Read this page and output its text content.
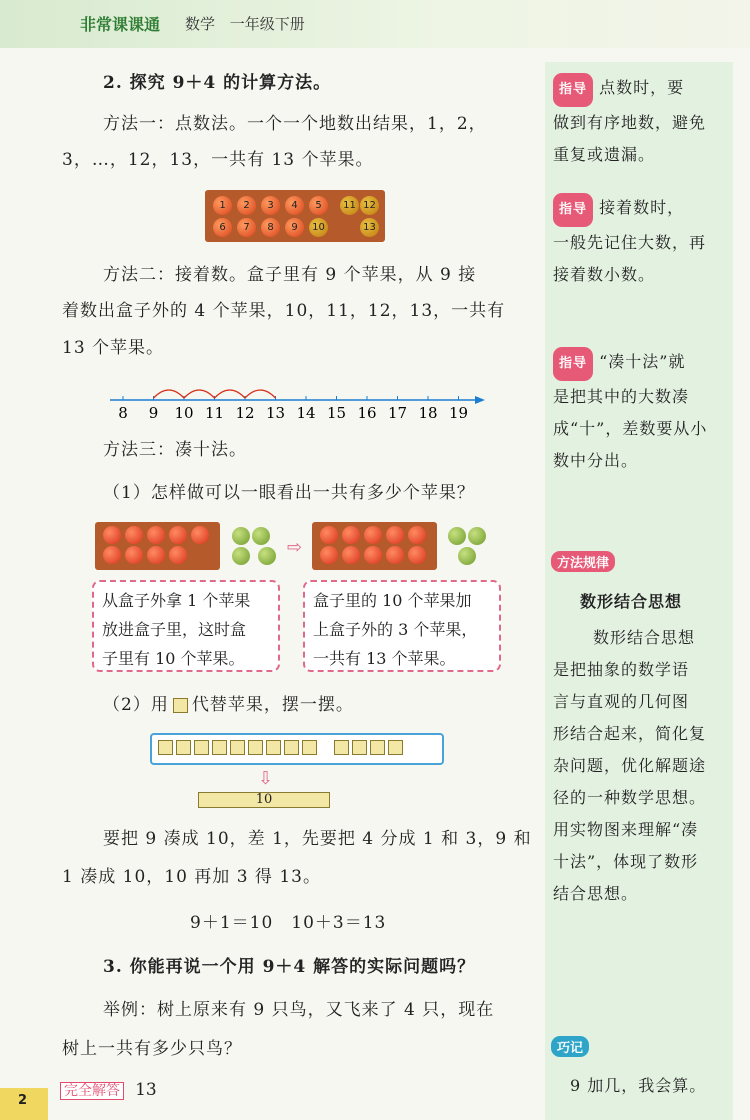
非常课课通 数学 一年级下册
2. 探究 9＋4 的计算方法。
方法一：点数法。一个一个地数出结果，1，2，
3，…，12，13，一共有 13 个苹果。
1	2	3	4	5
6	7	8	9	10
11 12
13
方法二：接着数。盒子里有 9 个苹果，从 9 接
着数出盒子外的 4 个苹果，10，11，12，13，一共有
13 个苹果。
8 9 10 11 12 13 14 15 16 17 18 19
方法三：凑十法。
（1）怎样做可以一眼看出一共有多少个苹果？
⇨
从盒子外拿 1 个苹果
放进盒子里，这时盒
子里有 10 个苹果。
盒子里的 10 个苹果加
上盒子外的 3 个苹果，
一共有 13 个苹果。
（2）用 代替苹果，摆一摆。
⇩
10
要把 9 凑成 10，差 1，先要把 4 分成 1 和 3，9 和
1 凑成 10，10 再加 3 得 13。
9＋1＝10　10＋3＝13
3. 你能再说一个用 9＋4 解答的实际问题吗？
举例：树上原来有 9 只鸟，又飞来了 4 只，现在
树上一共有多少只鸟？
指导 点数时，要
做到有序地数，避免
重复或遗漏。
指导 接着数时，
一般先记住大数，再
接着数小数。
指导 “凑十法”就
是把其中的大数凑
成“十”，差数要从小
数中分出。
方法规律
数形结合思想
数形结合思想
是把抽象的数学语
言与直观的几何图
形结合起来，简化复
杂问题，优化解题途
径的一种数学思想。
用实物图来理解“凑
十法”，体现了数形
结合思想。
巧记
9 加几，我会算。
2
完全解答 13
